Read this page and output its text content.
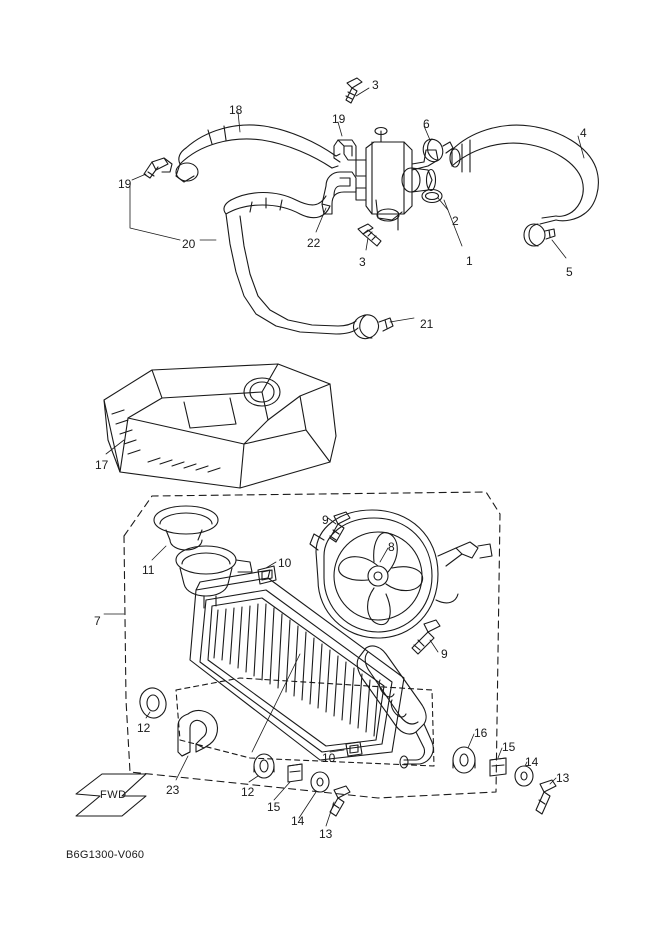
18
3
19	6
4
19
2
20	22
3	1
5
21
17
9
8
11	10
7
9
12	16
10
15
14
13
23	12
15
14
13
FWD
B6G1300-V060
